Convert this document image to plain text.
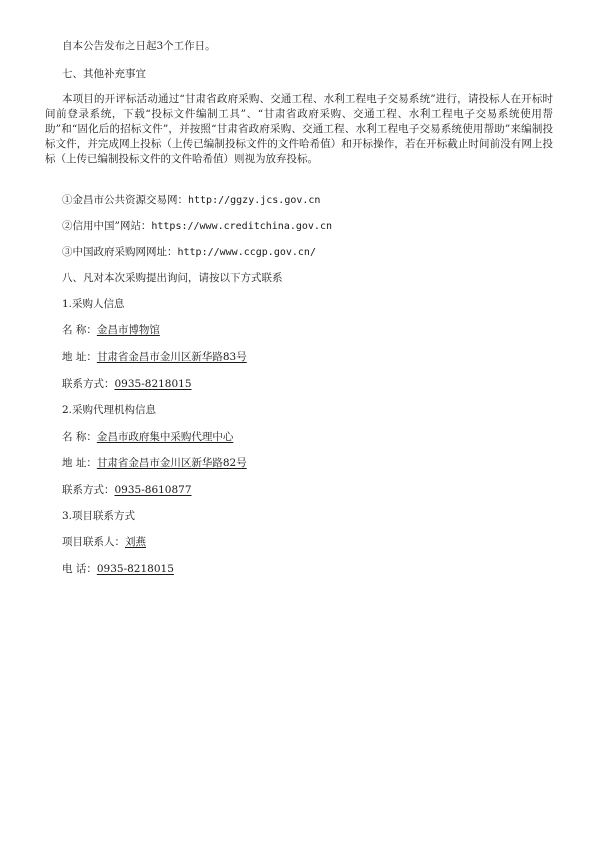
自本公告发布之日起3个工作日。
七、其他补充事宜
本项目的开评标活动通过“甘肃省政府采购、交通工程、水利工程电子交易系统”进行，请投标人在开标时间前登录系统，下载“投标文件编制工具”、“甘肃省政府采购、交通工程、水利工程电子交易系统使用帮助”和“固化后的招标文件”，并按照“甘肃省政府采购、交通工程、水利工程电子交易系统使用帮助”来编制投标文件，并完成网上投标（上传已编制投标文件的文件哈希值）和开标操作，若在开标截止时间前没有网上投标（上传已编制投标文件的文件哈希值）则视为放弃投标。
①金昌市公共资源交易网：http://ggzy.jcs.gov.cn
②信用中国”网站：https://www.creditchina.gov.cn
③中国政府采购网网址：http://www.ccgp.gov.cn/
八、凡对本次采购提出询问，请按以下方式联系
1.采购人信息
名 称：金昌市博物馆
地 址：甘肃省金昌市金川区新华路83号
联系方式：0935-8218015
2.采购代理机构信息
名 称：金昌市政府集中采购代理中心
地 址：甘肃省金昌市金川区新华路82号
联系方式：0935-8610877
3.项目联系方式
项目联系人：刘燕
电 话：0935-8218015
